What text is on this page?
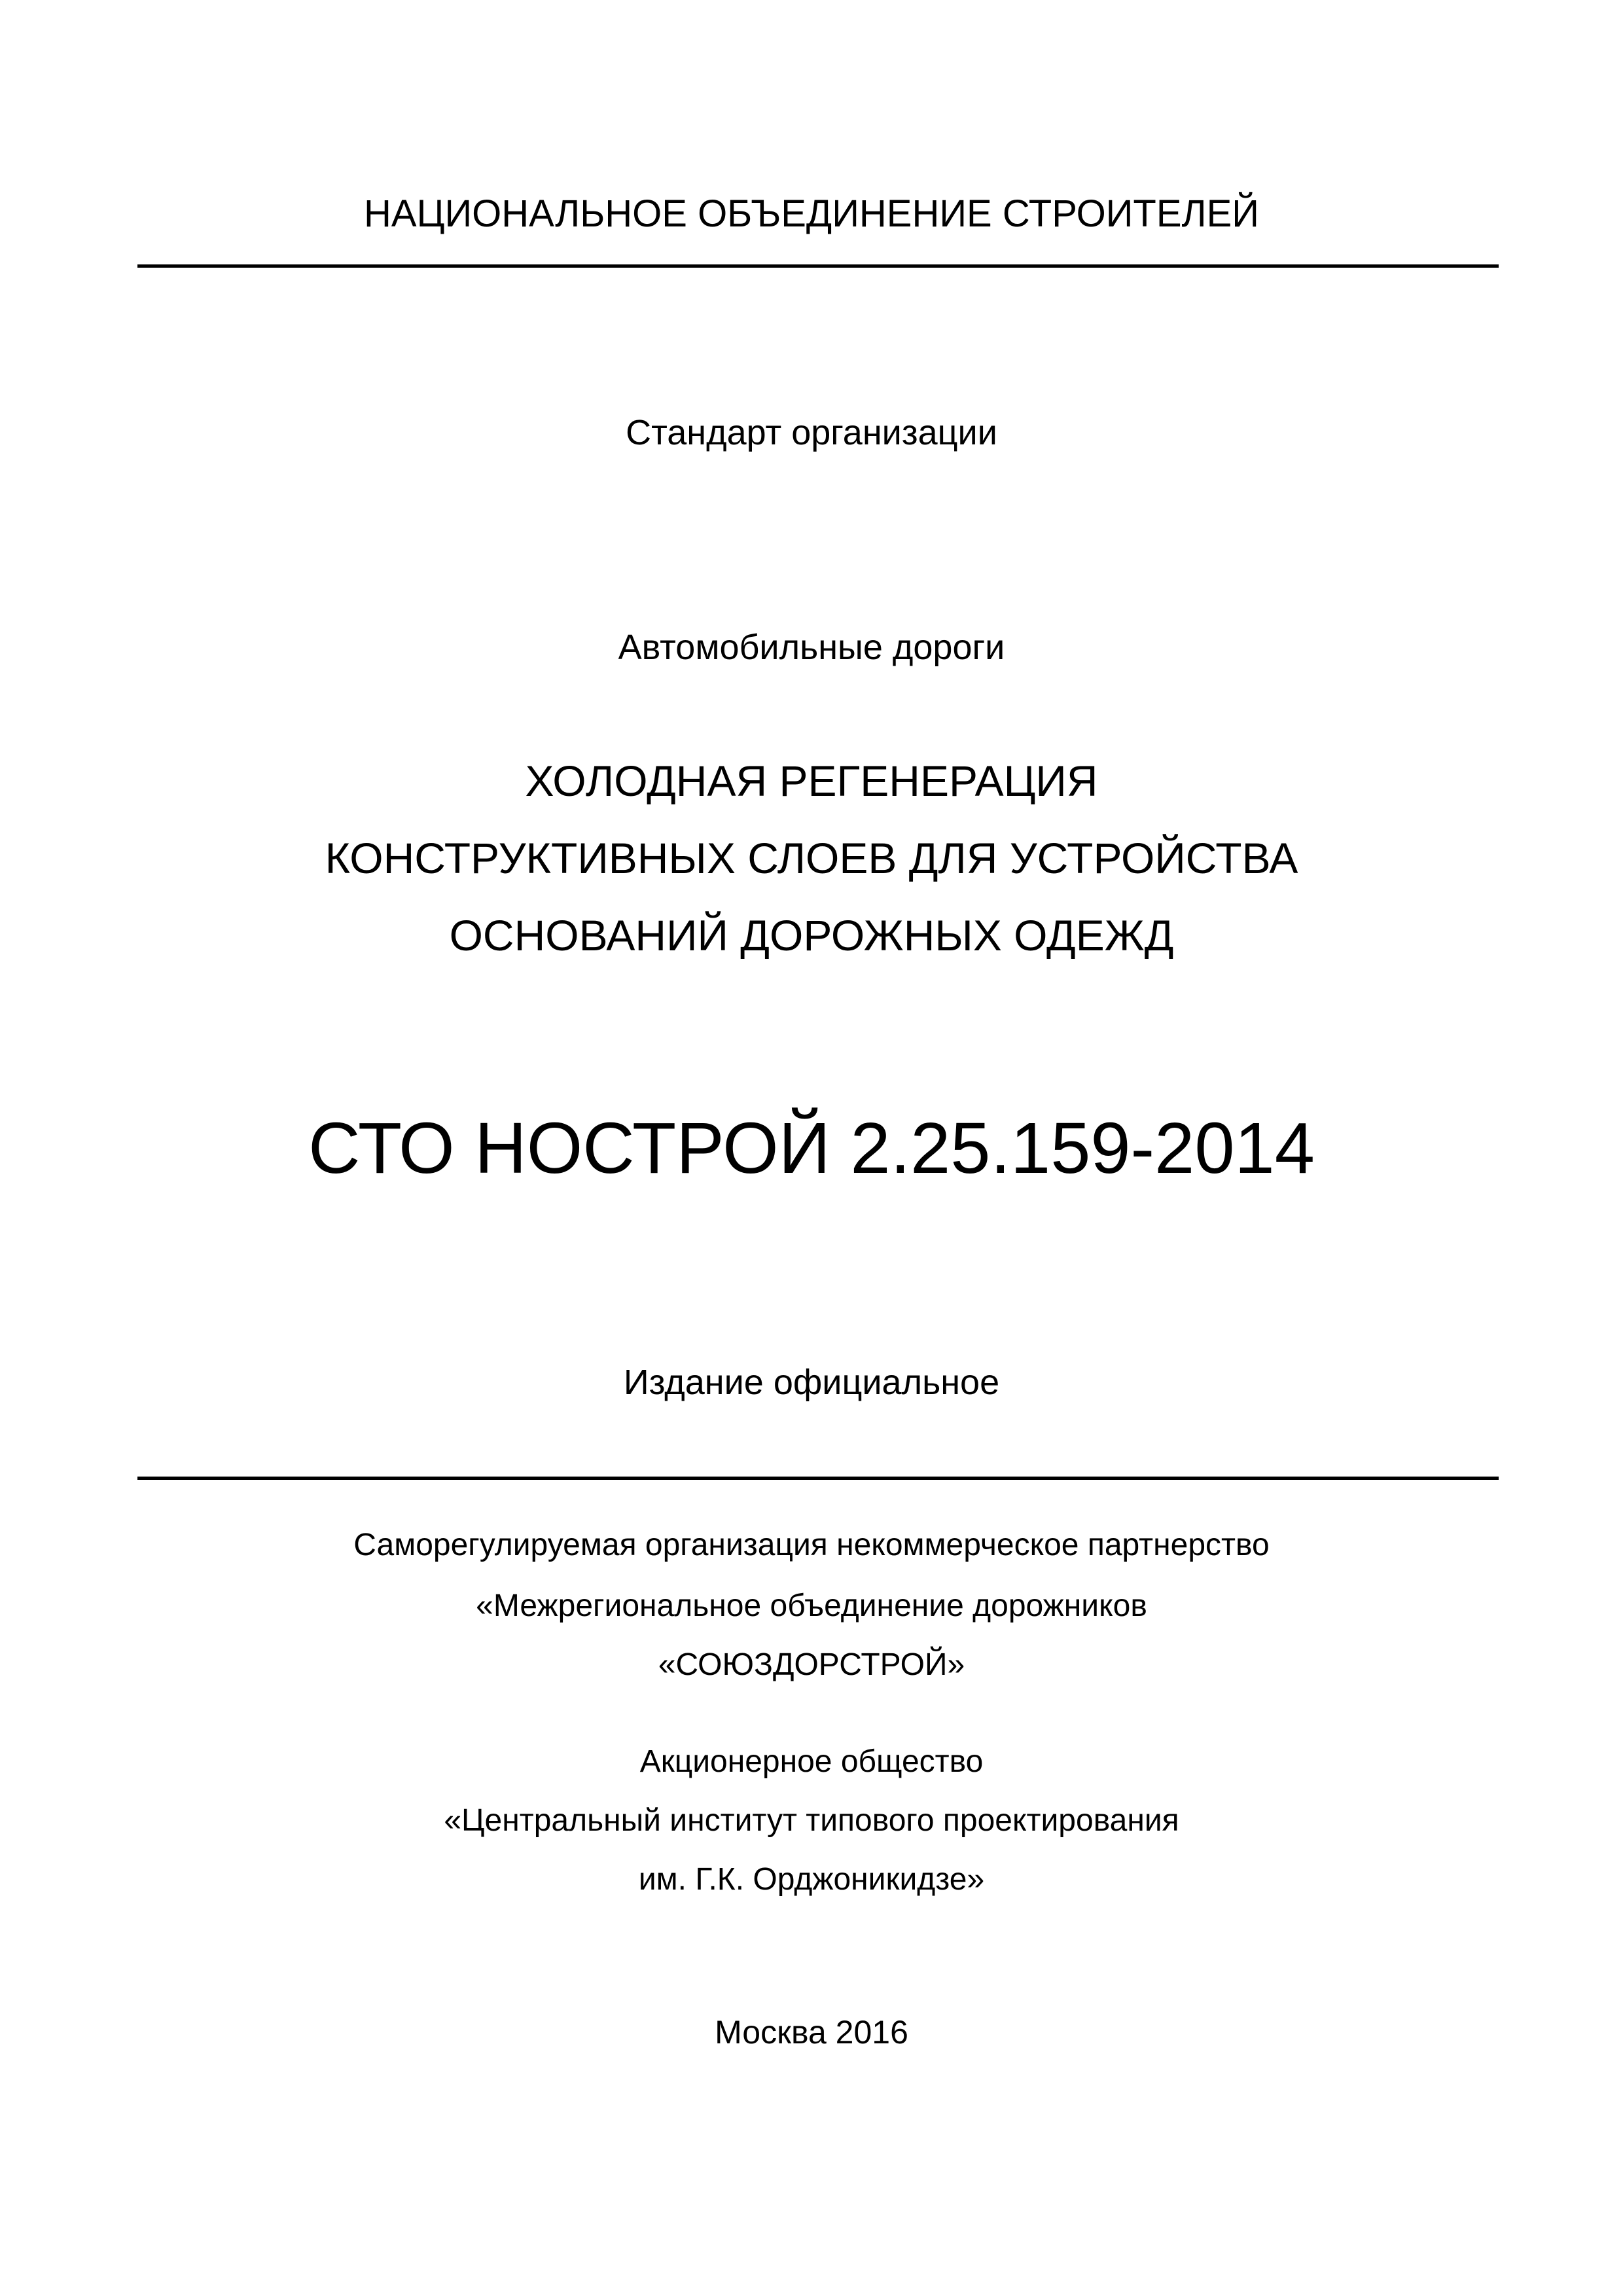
НАЦИОНАЛЬНОЕ ОБЪЕДИНЕНИЕ СТРОИТЕЛЕЙ
Стандарт организации
Автомобильные дороги
ХОЛОДНАЯ РЕГЕНЕРАЦИЯ
КОНСТРУКТИВНЫХ СЛОЕВ ДЛЯ УСТРОЙСТВА
ОСНОВАНИЙ ДОРОЖНЫХ ОДЕЖД
СТО НОСТРОЙ 2.25.159-2014
Издание официальное
Саморегулируемая организация некоммерческое партнерство
«Межрегиональное объединение дорожников
«СОЮЗДОРСТРОЙ»
Акционерное общество
«Центральный институт типового проектирования
им. Г.К. Орджоникидзе»
Москва 2016
